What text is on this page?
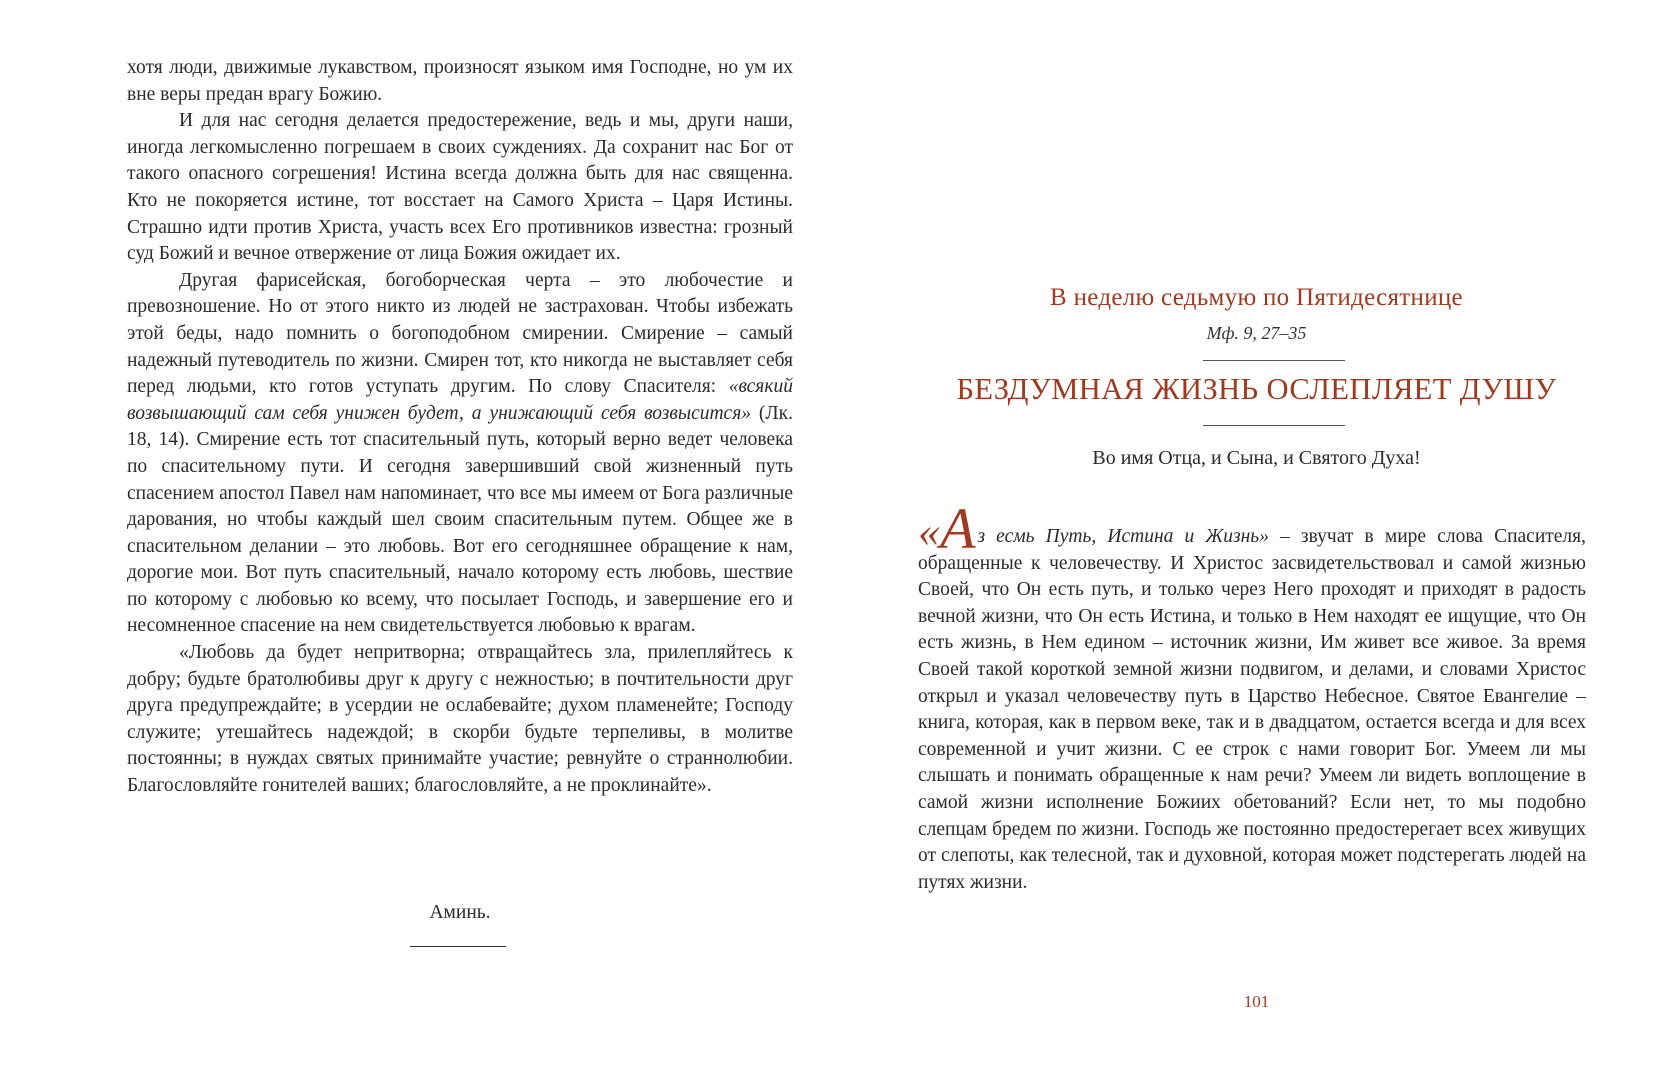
хотя люди, движимые лукавством, произносят языком имя Господне, но ум их вне веры предан врагу Божию.

И для нас сегодня делается предостережение, ведь и мы, други наши, иногда легкомысленно погрешаем в своих суждениях. Да сохранит нас Бог от такого опасного согрешения! Истина всегда должна быть для нас священна. Кто не покоряется истине, тот восстает на Самого Христа – Царя Истины. Страшно идти против Христа, участь всех Его противников известна: грозный суд Божий и вечное отвержение от лица Божия ожидает их.

Другая фарисейская, богоборческая черта – это любочестие и превозношение. Но от этого никто из людей не застрахован. Чтобы избежать этой беды, надо помнить о богоподобном смирении. Смирение – самый надежный путеводитель по жизни. Смирен тот, кто никогда не выставляет себя перед людьми, кто готов уступать другим. По слову Спасителя: «всякий возвышающий сам себя унижен будет, а унижающий себя возвысится» (Лк. 18, 14). Смирение есть тот спасительный путь, который верно ведет человека по спасительному пути. И сегодня завершивший свой жизненный путь спасением апостол Павел нам напоминает, что все мы имеем от Бога различные дарования, но чтобы каждый шел своим спасительным путем. Общее же в спасительном делании – это любовь. Вот его сегодняшнее обращение к нам, дорогие мои. Вот путь спасительный, начало которому есть любовь, шествие по которому с любовью ко всему, что посылает Господь, и завершение его и несомненное спасение на нем свидетельствуется любовью к врагам.

«Любовь да будет непритворна; отвращайтесь зла, прилепляйтесь к добру; будьте братолюбивы друг к другу с нежностью; в почтительности друг друга предупреждайте; в усердии не ослабевайте; духом пламенейте; Господу служите; утешайтесь надеждой; в скорби будьте терпеливы, в молитве постоянны; в нуждах святых принимайте участие; ревнуйте о страннолюбии. Благословляйте гонителей ваших; благословляйте, а не проклинайте».

Аминь.
В неделю седьмую по Пятидесятнице
Мф. 9, 27–35
БЕЗДУМНАЯ ЖИЗНЬ ОСЛЕПЛЯЕТ ДУШУ
Во имя Отца, и Сына, и Святого Духа!

«А з есмь Путь, Истина и Жизнь» – звучат в мире слова Спасителя, обращенные к человечеству. И Христос засвидетельствовал и самой жизнью Своей, что Он есть путь, и только через Него проходят и приходят в радость вечной жизни, что Он есть Истина, и только в Нем находят ее ищущие, что Он есть жизнь, в Нем едином – источник жизни, Им живет все живое. За время Своей такой короткой земной жизни подвигом, и делами, и словами Христос открыл и указал человечеству путь в Царство Небесное. Святое Евангелие – книга, которая, как в первом веке, так и в двадцатом, остается всегда и для всех современной и учит жизни. С ее строк с нами говорит Бог. Умеем ли мы слышать и понимать обращенные к нам речи? Умеем ли видеть воплощение в самой жизни исполнение Божиих обетований? Если нет, то мы подобно слепцам бредем по жизни. Господь же постоянно предостерегает всех живущих от слепоты, как телесной, так и духовной, которая может подстерегать людей на путях жизни.

101
